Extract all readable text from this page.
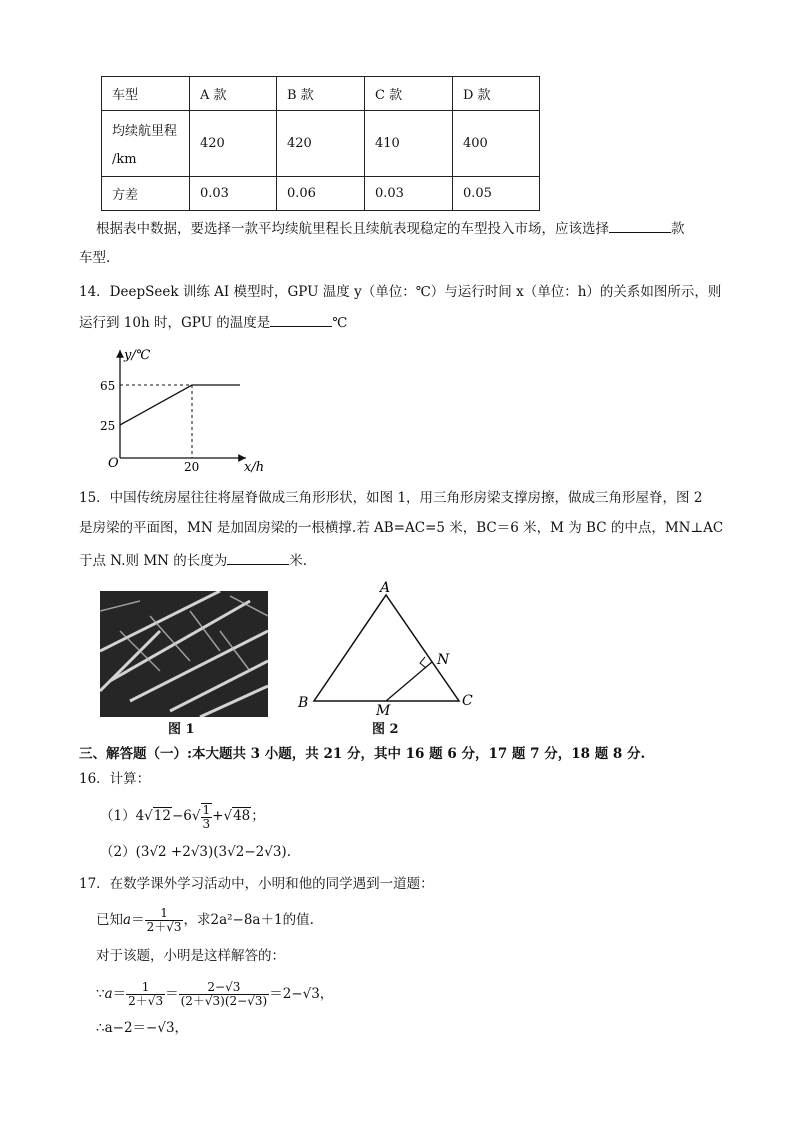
车型	A 款	B 款	C 款	D 款

均续航里程
/km	420	420	410	400
方差	0.03	0.06	0.03	0.05
根据表中数据，要选择一款平均续航里程长且续航表现稳定的车型投入市场，应该选择	款
车型.
14．DeepSeek 训练 AI 模型时，GPU 温度 y（单位：℃）与运行时间 x（单位：h）的关系如图所示，则
运行到 10h 时，GPU 的温度是	℃
y/℃
65
25
O	20	x/h
15．中国传统房屋往往将屋脊做成三角形形状，如图 1，用三角形房梁支撑房擦，做成三角形屋脊，图 2
是房梁的平面图，MN 是加固房梁的一根横撑.若 AB=AC=5 米，BC＝6 米，M 为 BC 的中点，MN⊥AC
于点 N.则 MN 的长度为	米.
图 1
A
B	C
M
N
图 2
三、解答题（一）:本大题共 3 小题，共 21 分，其中 16 题 6 分，17 题 7 分，18 题 8 分.
16．计算：
$(1)4√12-6√ \frac{1}{3} +√48$；
（2）(3√2 +2√3)(3√2−2√3).
17．在数学课外学习活动中，小明和他的同学遇到一道题：
已知$a= \frac{1}{2+√3}$ ，求2a²−8a＋1的值.
对于该题，小明是这样解答的：
∵a＝ $\frac{1}{2+√3} = \frac{2-√3}{(2+√3)(2-√3)} =2-√3$，
∴a−2＝−√3，
